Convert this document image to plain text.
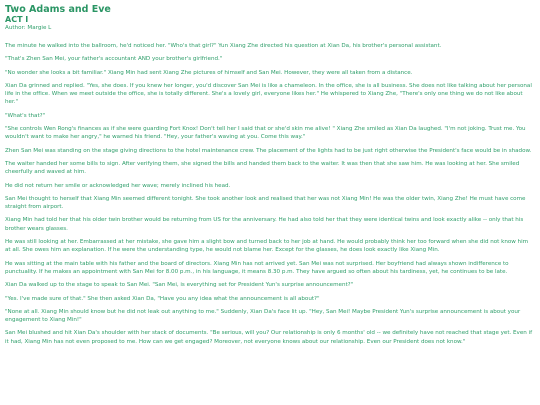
Two Adams and Eve
ACT I
Author: Margie L

The minute he walked into the ballroom, he'd noticed her. "Who's that girl?" Yun Xiang Zhe directed his question at Xian Da, his brother's personal assistant.

"That's Zhen San Mei, your father's accountant AND your brother's girlfriend."

"No wonder she looks a bit familiar." Xiang Min had sent Xiang Zhe pictures of himself and San Mei. However, they were all taken from a distance.

Xian Da grinned and replied. "Yes, she does. If you knew her longer, you'd discover San Mei is like a chameleon. In the office, she is all business. She does not like talking about her personal life in the office. When we meet outside the office, she is totally different. She's a lovely girl, everyone likes her." He whispered to Xiang Zhe, "There's only one thing we do not like about her."

"What's that?"

"She controls Wen Rong's finances as if she were guarding Fort Knox! Don't tell her I said that or she'd skin me alive! " Xiang Zhe smiled as Xian Da laughed. "I'm not joking. Trust me. You wouldn't want to make her angry," he warned his friend. "Hey, your father's waving at you. Come this way."

Zhen San Mei was standing on the stage giving directions to the hotel maintenance crew. The placement of the lights had to be just right otherwise the President's face would be in shadow.

The waiter handed her some bills to sign. After verifying them, she signed the bills and handed them back to the waiter. It was then that she saw him. He was looking at her. She smiled cheerfully and waved at him.

He did not return her smile or acknowledged her wave; merely inclined his head.

San Mei thought to herself that Xiang Min seemed different tonight. She took another look and realised that her was not Xiang Min! He was the older twin, Xiang Zhe! He must have come straight from airport.

Xiang Min had told her that his older twin brother would be returning from US for the anniversary. He had also told her that they were identical twins and look exactly alike -- only that his brother wears glasses.

He was still looking at her. Embarrassed at her mistake, she gave him a slight bow and turned back to her job at hand. He would probably think her too forward when she did not know him at all. She owes him an explanation. If he were the understanding type, he would not blame her. Except for the glasses, he does look exactly like Xiang Min.

He was sitting at the main table with his father and the board of directors. Xiang Min has not arrived yet. San Mei was not surprised. Her boyfriend had always shown indifference to punctuality. If he makes an appointment with San Mei for 8.00 p.m., in his language, it means 8.30 p.m. They have argued so often about his tardiness, yet, he continues to be late.

Xian Da walked up to the stage to speak to San Mei. "San Mei, is everything set for President Yun's surprise announcement?"

"Yes. I've made sure of that." She then asked Xian Da, "Have you any idea what the announcement is all about?"

"None at all. Xiang Min should know but he did not leak out anything to me." Suddenly, Xian Da's face lit up. "Hey, San Mei! Maybe President Yun's surprise announcement is about your engagement to Xiang Min!"

San Mei blushed and hit Xian Da's shoulder with her stack of documents. "Be serious, will you? Our relationship is only 6 months' old -- we definitely have not reached that stage yet. Even if it had, Xiang Min has not even proposed to me. How can we get engaged? Moreover, not everyone knows about our relationship. Even our President does not know."
